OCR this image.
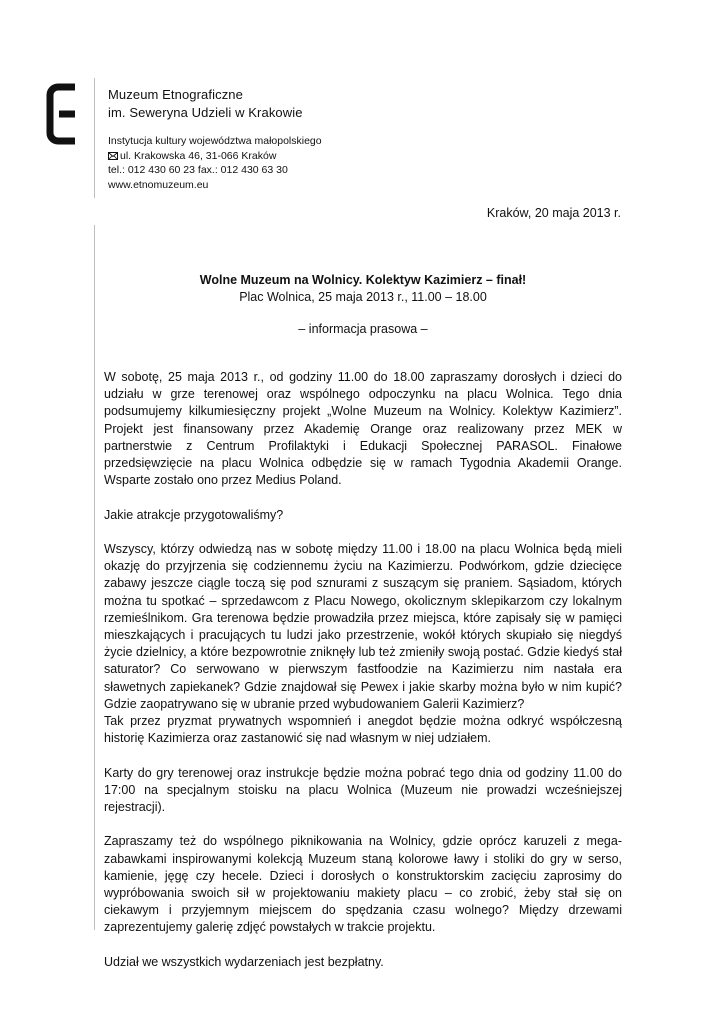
Muzeum Etnograficzne
im. Seweryna Udzieli w Krakowie
Instytucja kultury województwa małopolskiego
ul. Krakowska 46, 31-066 Kraków
tel.: 012 430 60 23 fax.: 012 430 63 30
www.etnomuzeum.eu
Kraków, 20 maja 2013 r.
Wolne Muzeum na Wolnicy. Kolektyw Kazimierz – finał!
Plac Wolnica, 25 maja 2013 r., 11.00 – 18.00
– informacja prasowa –

W sobotę, 25 maja 2013 r., od godziny 11.00 do 18.00 zapraszamy dorosłych i dzieci do udziału w grze terenowej oraz wspólnego odpoczynku na placu Wolnica. Tego dnia podsumujemy kilkumiesięczny projekt „Wolne Muzeum na Wolnicy. Kolektyw Kazimierz”. Projekt jest finansowany przez Akademię Orange oraz realizowany przez MEK w partnerstwie z Centrum Profilaktyki i Edukacji Społecznej PARASOL. Finałowe przedsięwzięcie na placu Wolnica odbędzie się w ramach Tygodnia Akademii Orange. Wsparte zostało ono przez Medius Poland.

Jakie atrakcje przygotowaliśmy?

Wszyscy, którzy odwiedzą nas w sobotę między 11.00 i 18.00 na placu Wolnica będą mieli okazję do przyjrzenia się codziennemu życiu na Kazimierzu. Podwórkom, gdzie dziecięce zabawy jeszcze ciągle toczą się pod sznurami z suszącym się praniem. Sąsiadom, których można tu spotkać – sprzedawcom z Placu Nowego, okolicznym sklepikarzom czy lokalnym rzemieślnikom. Gra terenowa będzie prowadziła przez miejsca, które zapisały się w pamięci mieszkających i pracujących tu ludzi jako przestrzenie, wokół których skupiało się niegdyś życie dzielnicy, a które bezpowrotnie zniknęły lub też zmieniły swoją postać. Gdzie kiedyś stał saturator? Co serwowano w pierwszym fastfoodzie na Kazimierzu nim nastała era sławetnych zapiekanek? Gdzie znajdował się Pewex i jakie skarby można było w nim kupić? Gdzie zaopatrywano się w ubranie przed wybudowaniem Galerii Kazimierz?

Tak przez pryzmat prywatnych wspomnień i anegdot będzie można odkryć współczesną historię Kazimierza oraz zastanowić się nad własnym w niej udziałem.

Karty do gry terenowej oraz instrukcje będzie można pobrać tego dnia od godziny 11.00 do 17:00 na specjalnym stoisku na placu Wolnica (Muzeum nie prowadzi wcześniejszej rejestracji).

Zapraszamy też do wspólnego piknikowania na Wolnicy, gdzie oprócz karuzeli z mega-zabawkami inspirowanymi kolekcją Muzeum staną kolorowe ławy i stoliki do gry w serso, kamienie, jęgę czy hecele. Dzieci i dorosłych o konstruktorskim zacięciu zaprosimy do wypróbowania swoich sił w projektowaniu makiety placu – co zrobić, żeby stał się on ciekawym i przyjemnym miejscem do spędzania czasu wolnego? Między drzewami zaprezentujemy galerię zdjęć powstałych w trakcie projektu.

Udział we wszystkich wydarzeniach jest bezpłatny.
